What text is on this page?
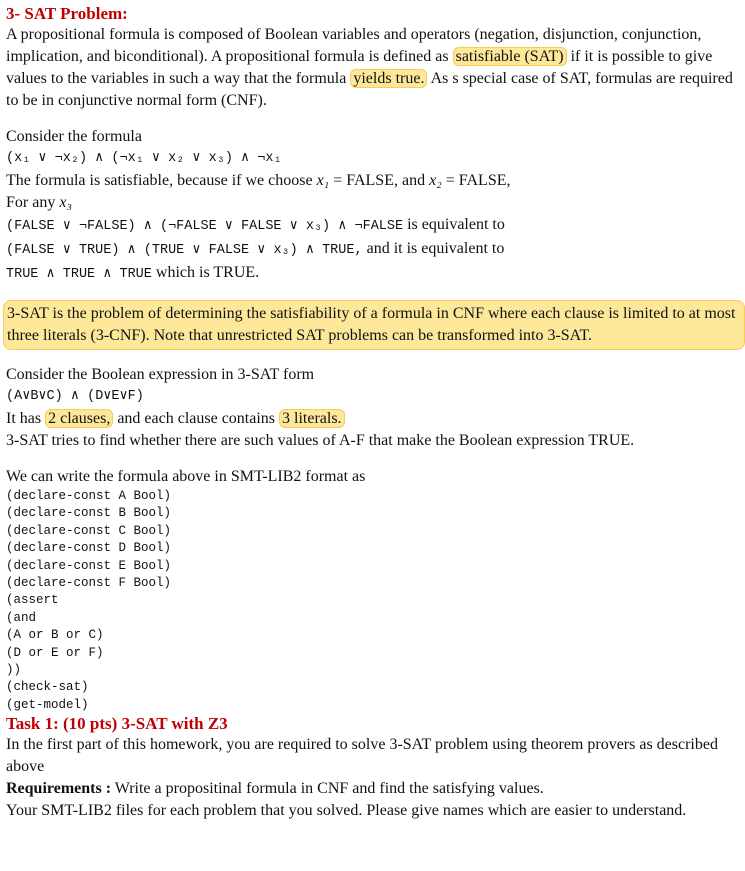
3- SAT Problem:

A propositional formula is composed of Boolean variables and operators (negation, disjunction, conjunction, implication, and biconditional). A propositional formula is defined as satisfiable (SAT) if it is possible to give values to the variables in such a way that the formula yields true. As s special case of SAT, formulas are required to be in conjunctive normal form (CNF).

Consider the formula

(x₁ ∨ ¬x₂) ∧ (¬x₁ ∨ x₂ ∨ x₃) ∧ ¬x₁

The formula is satisfiable, because if we choose x₁ = FALSE, and x₂ = FALSE,

For any x₃

(FALSE ∨ ¬FALSE) ∧ (¬FALSE ∨ FALSE ∨ x₃) ∧ ¬FALSE is equivalent to

(FALSE ∨ TRUE) ∧ (TRUE ∨ FALSE ∨ x₃) ∧ TRUE, and it is equivalent to

TRUE ∧ TRUE ∧ TRUE which is TRUE.

3-SAT is the problem of determining the satisfiability of a formula in CNF where each clause is limited to at most three literals (3-CNF). Note that unrestricted SAT problems can be transformed into 3-SAT.

Consider the Boolean expression in 3-SAT form

(A∨B∨C) ∧ (D∨E∨F)

It has 2 clauses, and each clause contains 3 literals.

3-SAT tries to find whether there are such values of A-F that make the Boolean expression TRUE.

We can write the formula above in SMT-LIB2 format as

(declare-const A Bool)
(declare-const B Bool)
(declare-const C Bool)
(declare-const D Bool)
(declare-const E Bool)
(declare-const F Bool)
(assert
(and
(A or B or C)
(D or E or F)
))
(check-sat)
(get-model)
Task 1: (10 pts) 3-SAT with Z3

In the first part of this homework, you are required to solve 3-SAT problem using theorem provers as described above

Requirements : Write a propositinal formula in CNF and find the satisfying values.

Your SMT-LIB2 files for each problem that you solved. Please give names which are easier to understand.
